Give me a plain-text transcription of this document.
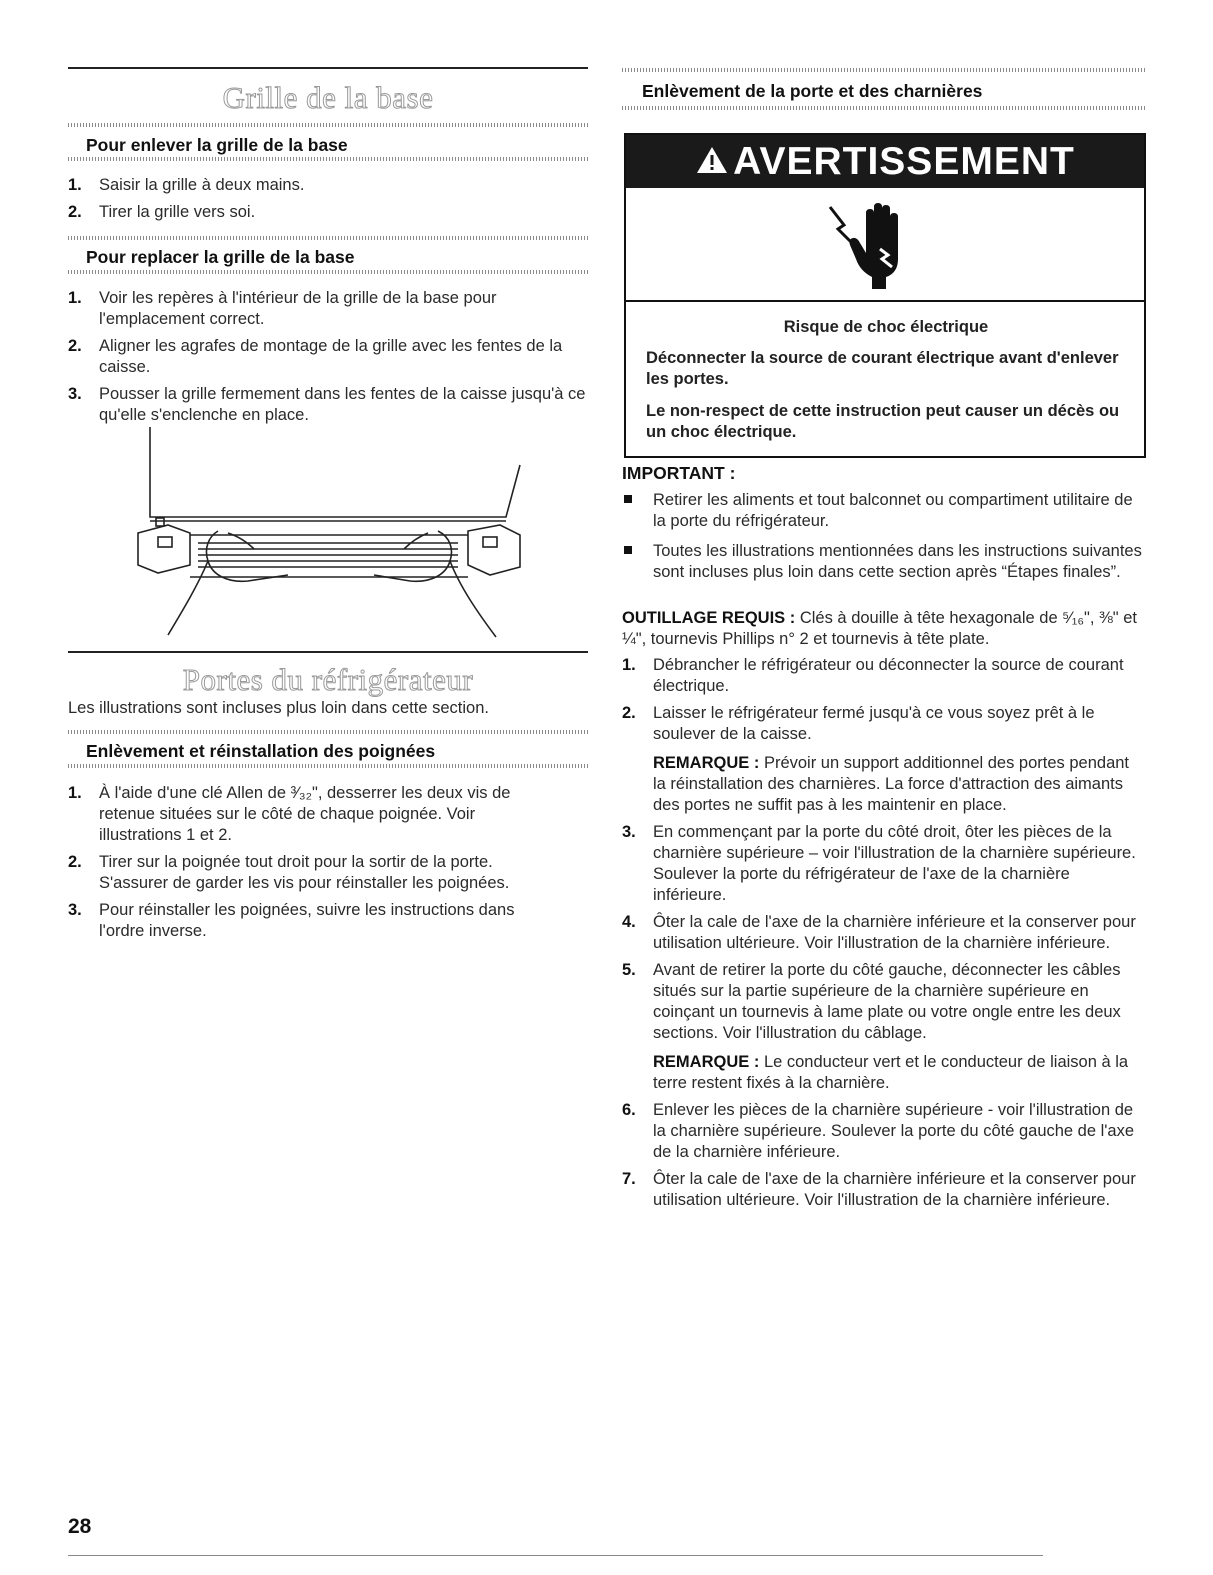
Grille de la base
Pour enlever la grille de la base
1. Saisir la grille à deux mains.
2. Tirer la grille vers soi.
Pour replacer la grille de la base
1. Voir les repères à l'intérieur de la grille de la base pour l'emplacement correct.
2. Aligner les agrafes de montage de la grille avec les fentes de la caisse.
3. Pousser la grille fermement dans les fentes de la caisse jusqu'à ce qu'elle s'enclenche en place.
Portes du réfrigérateur
Les illustrations sont incluses plus loin dans cette section.
Enlèvement et réinstallation des poignées
1. À l'aide d'une clé Allen de ³⁄₃₂", desserrer les deux vis de retenue situées sur le côté de chaque poignée. Voir illustrations 1 et 2.
2. Tirer sur la poignée tout droit pour la sortir de la porte. S'assurer de garder les vis pour réinstaller les poignées.
3. Pour réinstaller les poignées, suivre les instructions dans l'ordre inverse.
Enlèvement de la porte et des charnières
AVERTISSEMENT
Risque de choc électrique
Déconnecter la source de courant électrique avant d'enlever les portes.
Le non-respect de cette instruction peut causer un décès ou un choc électrique.
IMPORTANT :
Retirer les aliments et tout balconnet ou compartiment utilitaire de la porte du réfrigérateur.
Toutes les illustrations mentionnées dans les instructions suivantes sont incluses plus loin dans cette section après “Étapes finales”.
OUTILLAGE REQUIS : Clés à douille à tête hexagonale de ⁵⁄₁₆", ⅜" et ¼", tournevis Phillips n° 2 et tournevis à tête plate.
1. Débrancher le réfrigérateur ou déconnecter la source de courant électrique.
2. Laisser le réfrigérateur fermé jusqu'à ce vous soyez prêt à le soulever de la caisse.
REMARQUE : Prévoir un support additionnel des portes pendant la réinstallation des charnières. La force d'attraction des aimants des portes ne suffit pas à les maintenir en place.
3. En commençant par la porte du côté droit, ôter les pièces de la charnière supérieure – voir l'illustration de la charnière supérieure. Soulever la porte du réfrigérateur de l'axe de la charnière inférieure.
4. Ôter la cale de l'axe de la charnière inférieure et la conserver pour utilisation ultérieure. Voir l'illustration de la charnière inférieure.
5. Avant de retirer la porte du côté gauche, déconnecter les câbles situés sur la partie supérieure de la charnière supérieure en coinçant un tournevis à lame plate ou votre ongle entre les deux sections. Voir l'illustration du câblage.
REMARQUE : Le conducteur vert et le conducteur de liaison à la terre restent fixés à la charnière.
6. Enlever les pièces de la charnière supérieure - voir l'illustration de la charnière supérieure. Soulever la porte du côté gauche de l'axe de la charnière inférieure.
7. Ôter la cale de l'axe de la charnière inférieure et la conserver pour utilisation ultérieure. Voir l'illustration de la charnière inférieure.
28
